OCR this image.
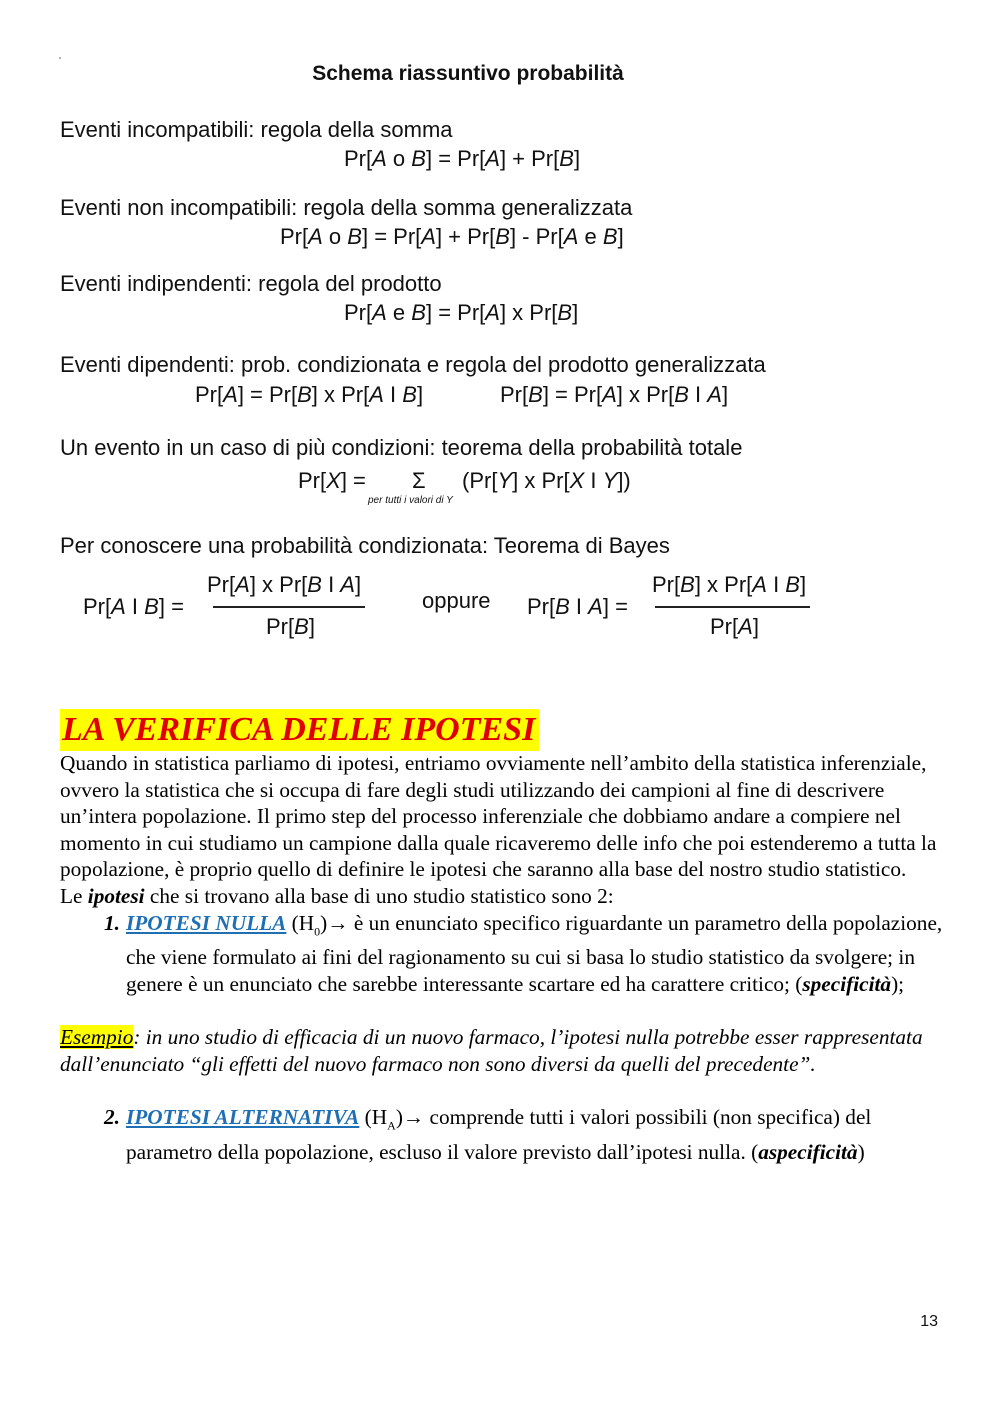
'
Schema riassuntivo probabilità
Eventi incompatibili: regola della somma
Pr[A o B] = Pr[A] + Pr[B]
Eventi non incompatibili: regola della somma generalizzata
Pr[A o B] = Pr[A] + Pr[B] - Pr[A e B]
Eventi indipendenti: regola del prodotto
Pr[A e B] = Pr[A] x Pr[B]
Eventi dipendenti: prob. condizionata e regola del prodotto generalizzata
Pr[A] = Pr[B] x Pr[A I B]	Pr[B] = Pr[A] x Pr[B I A]
Un evento in un caso di più condizioni: teorema della probabilità totale
Pr[X] = Σ
per tutti i valori di Y
(Pr[Y] x Pr[X I Y])
Per conoscere una probabilità condizionata: Teorema di Bayes
Pr[A I B] =
Pr[A] x Pr[B I A]
Pr[B]
oppure Pr[B I A] =
Pr[B] x Pr[A I B]
Pr[A]
LA VERIFICA DELLE IPOTESI

Quando in statistica parliamo di ipotesi, entriamo ovviamente nell’ambito della statistica inferenziale, ovvero la statistica che si occupa di fare degli studi utilizzando dei campioni al fine di descrivere un’intera popolazione. Il primo step del processo inferenziale che dobbiamo andare a compiere nel momento in cui studiamo un campione dalla quale ricaveremo delle info che poi estenderemo a tutta la popolazione, è proprio quello di definire le ipotesi che saranno alla base del nostro studio statistico.

Le ipotesi che si trovano alla base di uno studio statistico sono 2:

1. IPOTESI NULLA $(H_0)\to$ è un enunciato specifico riguardante un parametro della popolazione, che viene formulato ai fini del ragionamento su cui si basa lo studio statistico da svolgere; in genere è un enunciato che sarebbe interessante scartare ed ha carattere critico; (specificità);

Esempio: in uno studio di efficacia di un nuovo farmaco, l’ipotesi nulla potrebbe esser rappresentata dall’enunciato “gli effetti del nuovo farmaco non sono diversi da quelli del precedente”.

2. IPOTESI ALTERNATIVA $(H_A)\to$ comprende tutti i valori possibili (non specifica) del parametro della popolazione, escluso il valore previsto dall’ipotesi nulla. (aspecificità)
13
